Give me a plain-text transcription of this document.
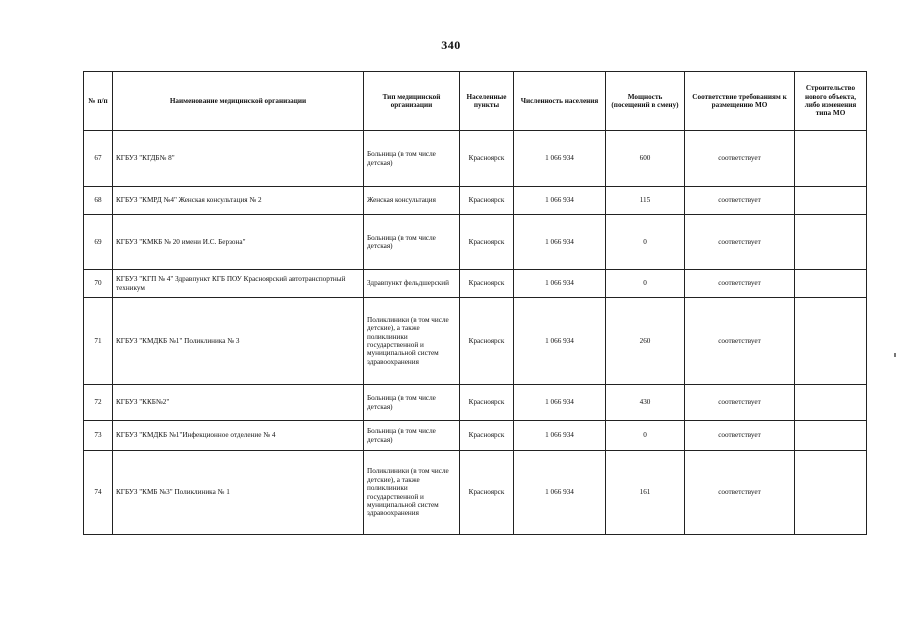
340
№ п/п	Наименование медицинской организации	Тип медицинской организации	Населенные пункты	Численность населения	Мощность (посещений в смену)	Соответствие требованиям к размещению МО	Строительство нового объекта, либо изменения типа МО
67	КГБУЗ "КГДБ№ 8"	Больница (в том числе детская)	Красноярск	1 066 934	600	соответствует	
68	КГБУЗ "КМРД №4" Женская консультация № 2	Женская консультация	Красноярск	1 066 934	115	соответствует	
69	КГБУЗ "КМКБ № 20 имени И.С. Берзона"	Больница (в том числе детская)	Красноярск	1 066 934	0	соответствует	
70	КГБУЗ "КГП № 4" Здравпункт КГБ ПОУ Красноярский автотранспортный техникум	Здравпункт фельдшерский	Красноярск	1 066 934	0	соответствует	
71	КГБУЗ "КМДКБ №1" Поликлиника № 3	Поликлиники (в том числе детские), а также поликлиники государственной и муниципальной систем здравоохранения	Красноярск	1 066 934	260	соответствует	
72	КГБУЗ "ККБ№2"	Больница (в том числе детская)	Красноярск	1 066 934	430	соответствует	
73	КГБУЗ "КМДКБ №1"Инфекционное отделение № 4	Больница (в том числе детская)	Красноярск	1 066 934	0	соответствует	
74	КГБУЗ "КМБ №3" Поликлиника № 1	Поликлиники (в том числе детские), а также поликлиники государственной и муниципальной систем здравоохранения	Красноярск	1 066 934	161	соответствует	
